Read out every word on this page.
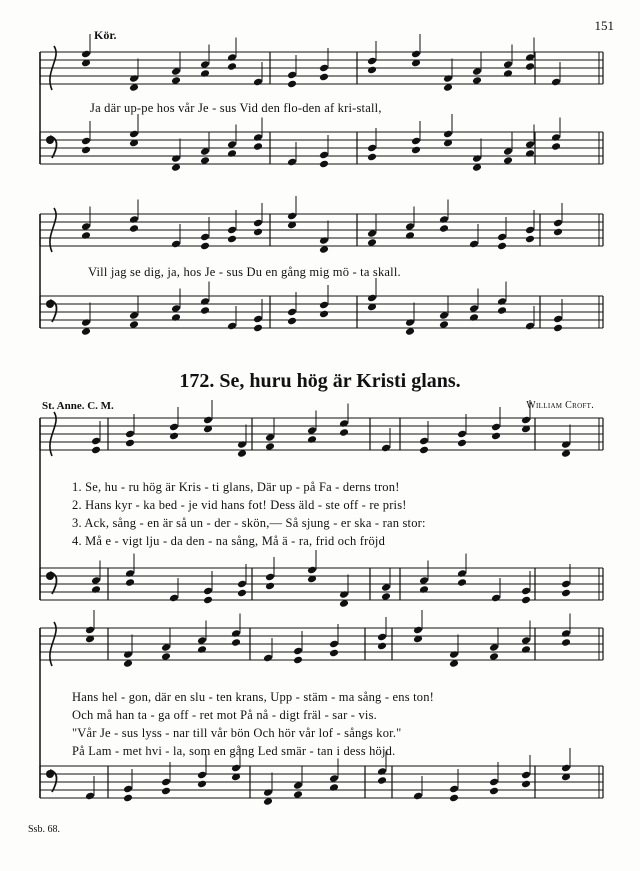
151
Kör.
Ja där up-pe hos vår Je - sus Vid den flo-den af kri-stall,
Vill jag se dig, ja, hos Je - sus Du en gång mig mö - ta skall.
172. Se, huru hög är Kristi glans.
St. Anne. C. M.	William Croft.
1. Se, hu - ru hög är Kris - ti glans, Där up - på Fa - derns tron!
2. Hans kyr - ka bed - je vid hans fot! Dess äld - ste off - re pris!
3. Ack, sång - en är så un - der - skön,— Så sjung - er ska - ran stor:
4. Må e - vigt lju - da den - na sång, Må ä - ra, frid och fröjd
Hans hel - gon, där en slu - ten krans, Upp - stäm - ma sång - ens ton!
Och må han ta - ga off - ret mot På nå - digt fräl - sar - vis.
"Vår Je - sus lyss - nar till vår bön Och hör vår lof - sångs kor."
På Lam - met hvi - la, som en gång Led smär - tan i dess höjd.
Ssb. 68.
